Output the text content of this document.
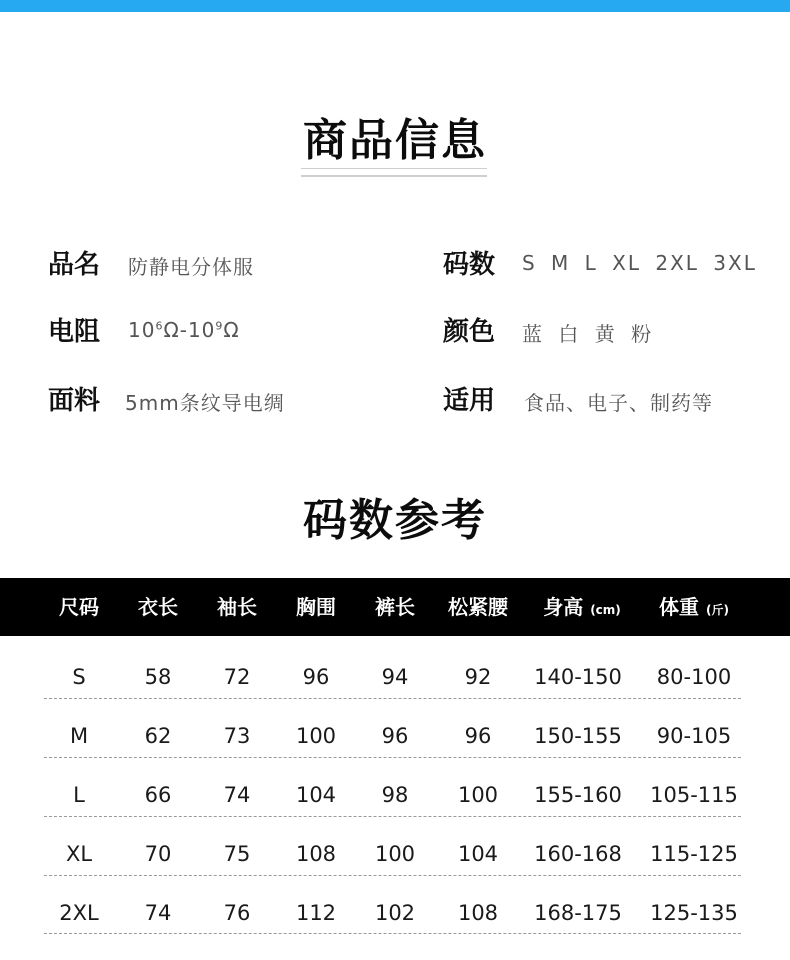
商品信息
品名 防静电分体服	码数 S M L XL 2XL 3XL
电阻 $10^6\Omega-10^9\Omega$	颜色 蓝 白 黄 粉
面料 5mm条纹导电绸	适用 食品、电子、制药等
码数参考
尺码	衣长	袖长	胸围	裤长	松紧腰	身高 (cm)	体重 (斤)
S	58	72	96	94	92	140-150	80-100
M	62	73	100	96	96	150-155	90-105
L	66	74	104	98	100	155-160 105-115
XL	70	75	108	100	104	160-168 115-125
2XL	74	76	112	102	108	168-175 125-135
